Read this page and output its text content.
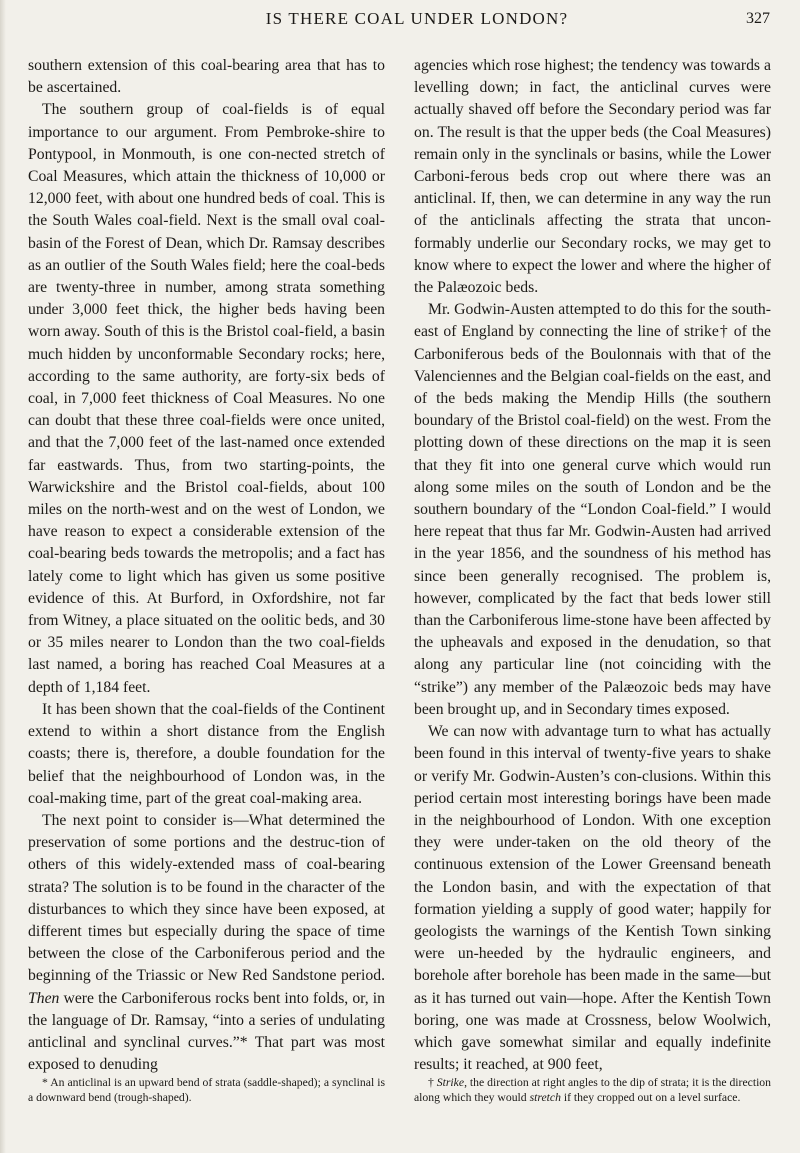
IS THERE COAL UNDER LONDON?	327

southern extension of this coal-bearing area that has to be ascertained.

The southern group of coal-fields is of equal importance to our argument. From Pembroke-shire to Pontypool, in Monmouth, is one con-nected stretch of Coal Measures, which attain the thickness of 10,000 or 12,000 feet, with about one hundred beds of coal. This is the South Wales coal-field. Next is the small oval coal-basin of the Forest of Dean, which Dr. Ramsay describes as an outlier of the South Wales field; here the coal-beds are twenty-three in number, among strata something under 3,000 feet thick, the higher beds having been worn away. South of this is the Bristol coal-field, a basin much hidden by unconformable Secondary rocks; here, according to the same authority, are forty-six beds of coal, in 7,000 feet thickness of Coal Measures. No one can doubt that these three coal-fields were once united, and that the 7,000 feet of the last-named once extended far eastwards. Thus, from two starting-points, the Warwickshire and the Bristol coal-fields, about 100 miles on the north-west and on the west of London, we have reason to expect a considerable extension of the coal-bearing beds towards the metropolis; and a fact has lately come to light which has given us some positive evidence of this. At Burford, in Oxfordshire, not far from Witney, a place situated on the oolitic beds, and 30 or 35 miles nearer to London than the two coal-fields last named, a boring has reached Coal Measures at a depth of 1,184 feet.

It has been shown that the coal-fields of the Continent extend to within a short distance from the English coasts; there is, therefore, a double foundation for the belief that the neighbourhood of London was, in the coal-making time, part of the great coal-making area.

The next point to consider is—What determined the preservation of some portions and the destruc-tion of others of this widely-extended mass of coal-bearing strata? The solution is to be found in the character of the disturbances to which they since have been exposed, at different times but especially during the space of time between the close of the Carboniferous period and the beginning of the Triassic or New Red Sandstone period. Then were the Carboniferous rocks bent into folds, or, in the language of Dr. Ramsay, “into a series of undulating anticlinal and synclinal curves.”* That part was most exposed to denuding

* An anticlinal is an upward bend of strata (saddle-shaped); a synclinal is a downward bend (trough-shaped).

agencies which rose highest; the tendency was towards a levelling down; in fact, the anticlinal curves were actually shaved off before the Secondary period was far on. The result is that the upper beds (the Coal Measures) remain only in the synclinals or basins, while the Lower Carboni-ferous beds crop out where there was an anticlinal. If, then, we can determine in any way the run of the anticlinals affecting the strata that uncon-formably underlie our Secondary rocks, we may get to know where to expect the lower and where the higher of the Palæozoic beds.

Mr. Godwin-Austen attempted to do this for the south-east of England by connecting the line of strike† of the Carboniferous beds of the Boulonnais with that of the Valenciennes and the Belgian coal-fields on the east, and of the beds making the Mendip Hills (the southern boundary of the Bristol coal-field) on the west. From the plotting down of these directions on the map it is seen that they fit into one general curve which would run along some miles on the south of London and be the southern boundary of the “London Coal-field.” I would here repeat that thus far Mr. Godwin-Austen had arrived in the year 1856, and the soundness of his method has since been generally recognised. The problem is, however, complicated by the fact that beds lower still than the Carboniferous lime-stone have been affected by the upheavals and exposed in the denudation, so that along any particular line (not coinciding with the “strike”) any member of the Palæozoic beds may have been brought up, and in Secondary times exposed.

We can now with advantage turn to what has actually been found in this interval of twenty-five years to shake or verify Mr. Godwin-Austen’s con-clusions. Within this period certain most interesting borings have been made in the neighbourhood of London. With one exception they were under-taken on the old theory of the continuous extension of the Lower Greensand beneath the London basin, and with the expectation of that formation yielding a supply of good water; happily for geologists the warnings of the Kentish Town sinking were un-heeded by the hydraulic engineers, and borehole after borehole has been made in the same—but as it has turned out vain—hope. After the Kentish Town boring, one was made at Crossness, below Woolwich, which gave somewhat similar and equally indefinite results; it reached, at 900 feet,

† Strike, the direction at right angles to the dip of strata; it is the direction along which they would stretch if they cropped out on a level surface.
